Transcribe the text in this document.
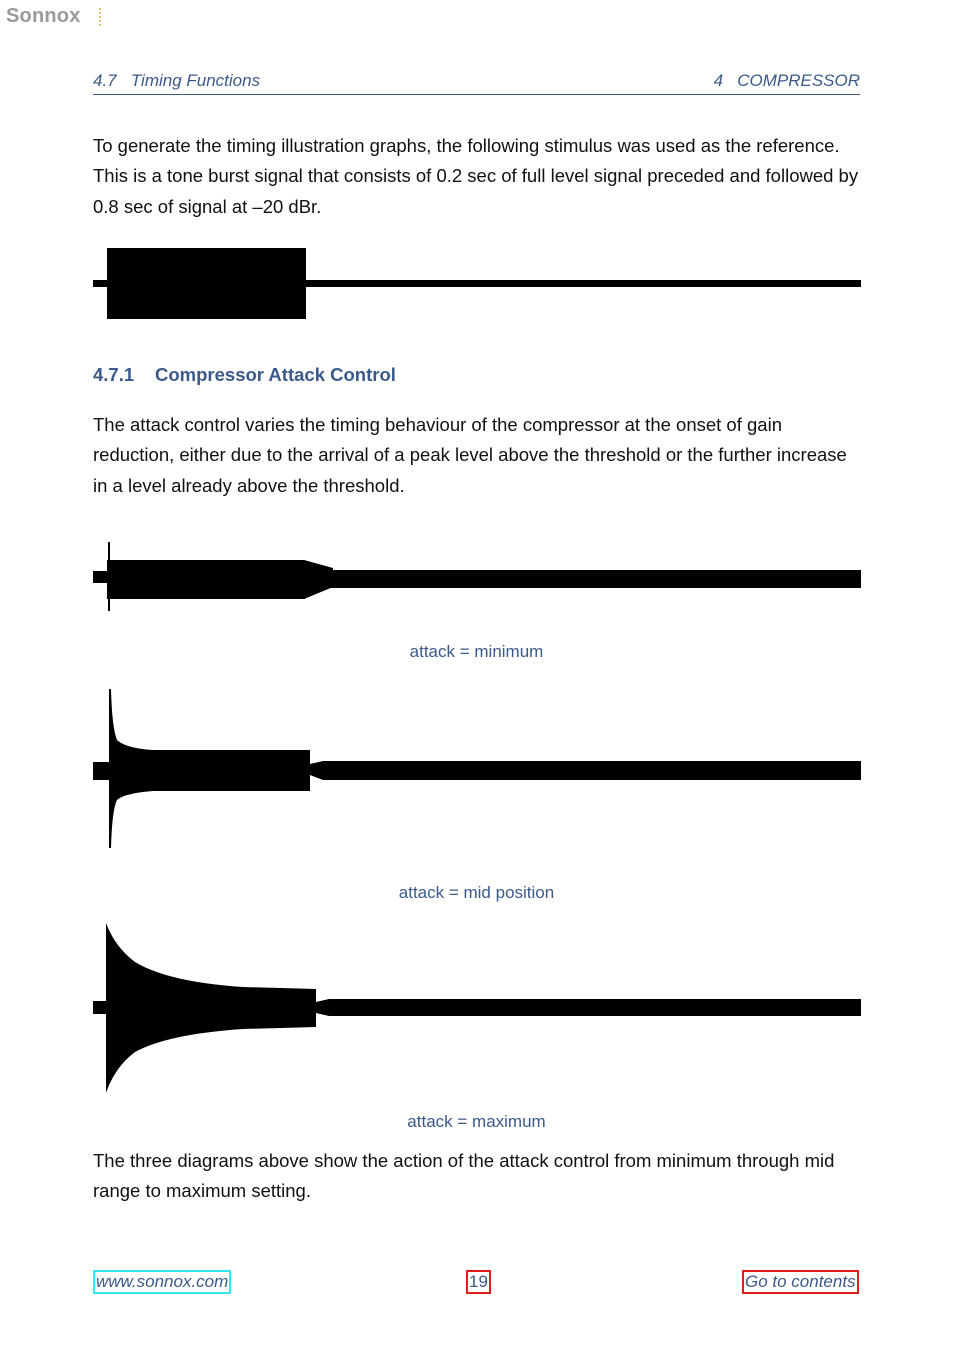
Sonnox
4.7   Timing Functions	4   COMPRESSOR

To generate the timing illustration graphs, the following stimulus was used as the reference. This is a tone burst signal that consists of 0.2 sec of full level signal preceded and followed by 0.8 sec of signal at –20 dBr.

4.7.1 Compressor Attack Control

The attack control varies the timing behaviour of the compressor at the onset of gain reduction, either due to the arrival of a peak level above the threshold or the further increase in a level already above the threshold.

attack = minimum
attack = mid position
attack = maximum

The three diagrams above show the action of the attack control from minimum through mid range to maximum setting.

www.sonnox.com	19	Go to contents
